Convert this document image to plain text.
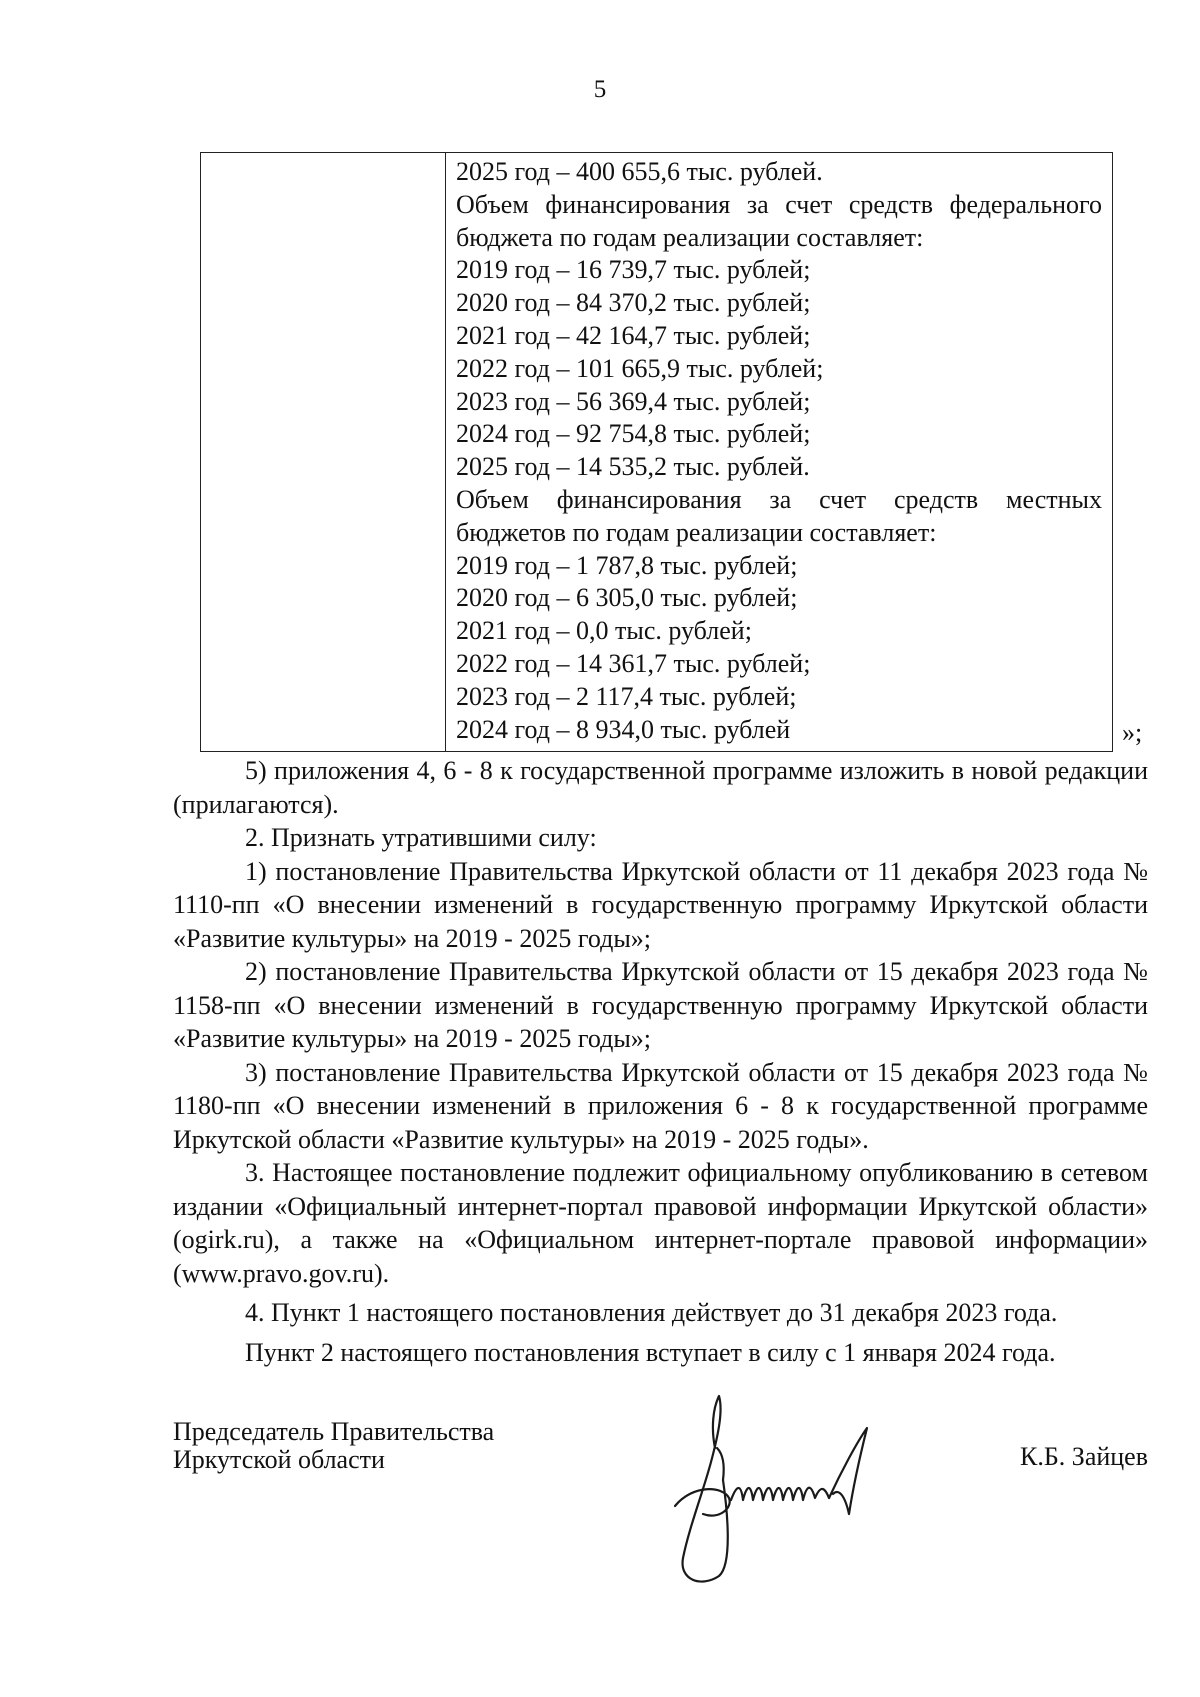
5
2025 год – 400 655,6 тыс. рублей.
Объем финансирования за счет средств федерального
бюджета по годам реализации составляет:
2019 год – 16 739,7 тыс. рублей;
2020 год – 84 370,2 тыс. рублей;
2021 год – 42 164,7 тыс. рублей;
2022 год – 101 665,9 тыс. рублей;
2023 год – 56 369,4 тыс. рублей;
2024 год – 92 754,8 тыс. рублей;
2025 год – 14 535,2 тыс. рублей.
Объем финансирования за счет средств местных
бюджетов по годам реализации составляет:
2019 год – 1 787,8 тыс. рублей;
2020 год – 6 305,0 тыс. рублей;
2021 год – 0,0 тыс. рублей;
2022 год – 14 361,7 тыс. рублей;
2023 год – 2 117,4 тыс. рублей;
2024 год – 8 934,0 тыс. рублей	»;

5) приложения 4, 6 - 8 к государственной программе изложить в новой редакции (прилагаются).

2. Признать утратившими силу:

1) постановление Правительства Иркутской области от 11 декабря 2023 года № 1110-пп «О внесении изменений в государственную программу Иркутской области «Развитие культуры» на 2019 - 2025 годы»;

2) постановление Правительства Иркутской области от 15 декабря 2023 года № 1158-пп «О внесении изменений в государственную программу Иркутской области «Развитие культуры» на 2019 - 2025 годы»;

3) постановление Правительства Иркутской области от 15 декабря 2023 года № 1180-пп «О внесении изменений в приложения 6 - 8 к государственной программе Иркутской области «Развитие культуры» на 2019 - 2025 годы».

3. Настоящее постановление подлежит официальному опубликованию в сетевом издании «Официальный интернет-портал правовой информации Иркутской области» (ogirk.ru), а также на «Официальном интернет-портале правовой информации» (www.pravo.gov.ru).

4. Пункт 1 настоящего постановления действует до 31 декабря 2023 года.

Пункт 2 настоящего постановления вступает в силу с 1 января 2024 года.

Председатель Правительства
Иркутской области	К.Б. Зайцев
